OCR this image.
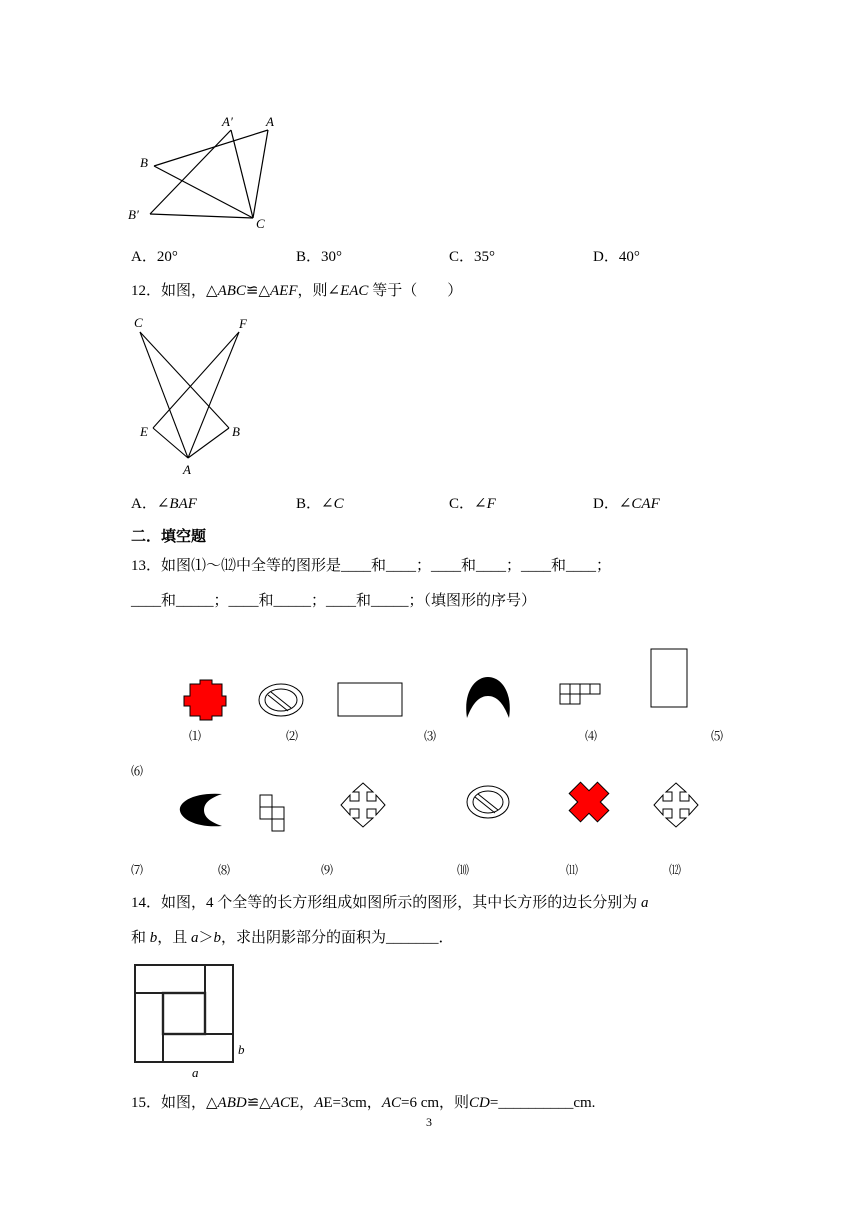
A′	A
B
B′
C
A．20°	B．30°	C．35°	D．40°
12．如图，△ABC≌△AEF，则∠EAC 等于（　　）
C	F
E	B
A
A．∠BAF	B．∠C	C．∠F	D．∠CAF
二．填空题
13．如图⑴～⑿中全等的图形是____和____；____和____；____和____；
____和_____；____和_____；____和_____；（填图形的序号）
⑴	⑵	⑶	⑷	⑸
⑹
⑺	⑻	⑼	⑽	⑾	⑿
14．如图，4 个全等的长方形组成如图所示的图形，其中长方形的边长分别为 a
和 b，且 a＞b，求出阴影部分的面积为_______．
b
a
15．如图，△ABD≌△ACE，AE=3cm，AC=6 cm，则CD=__________cm.
3
